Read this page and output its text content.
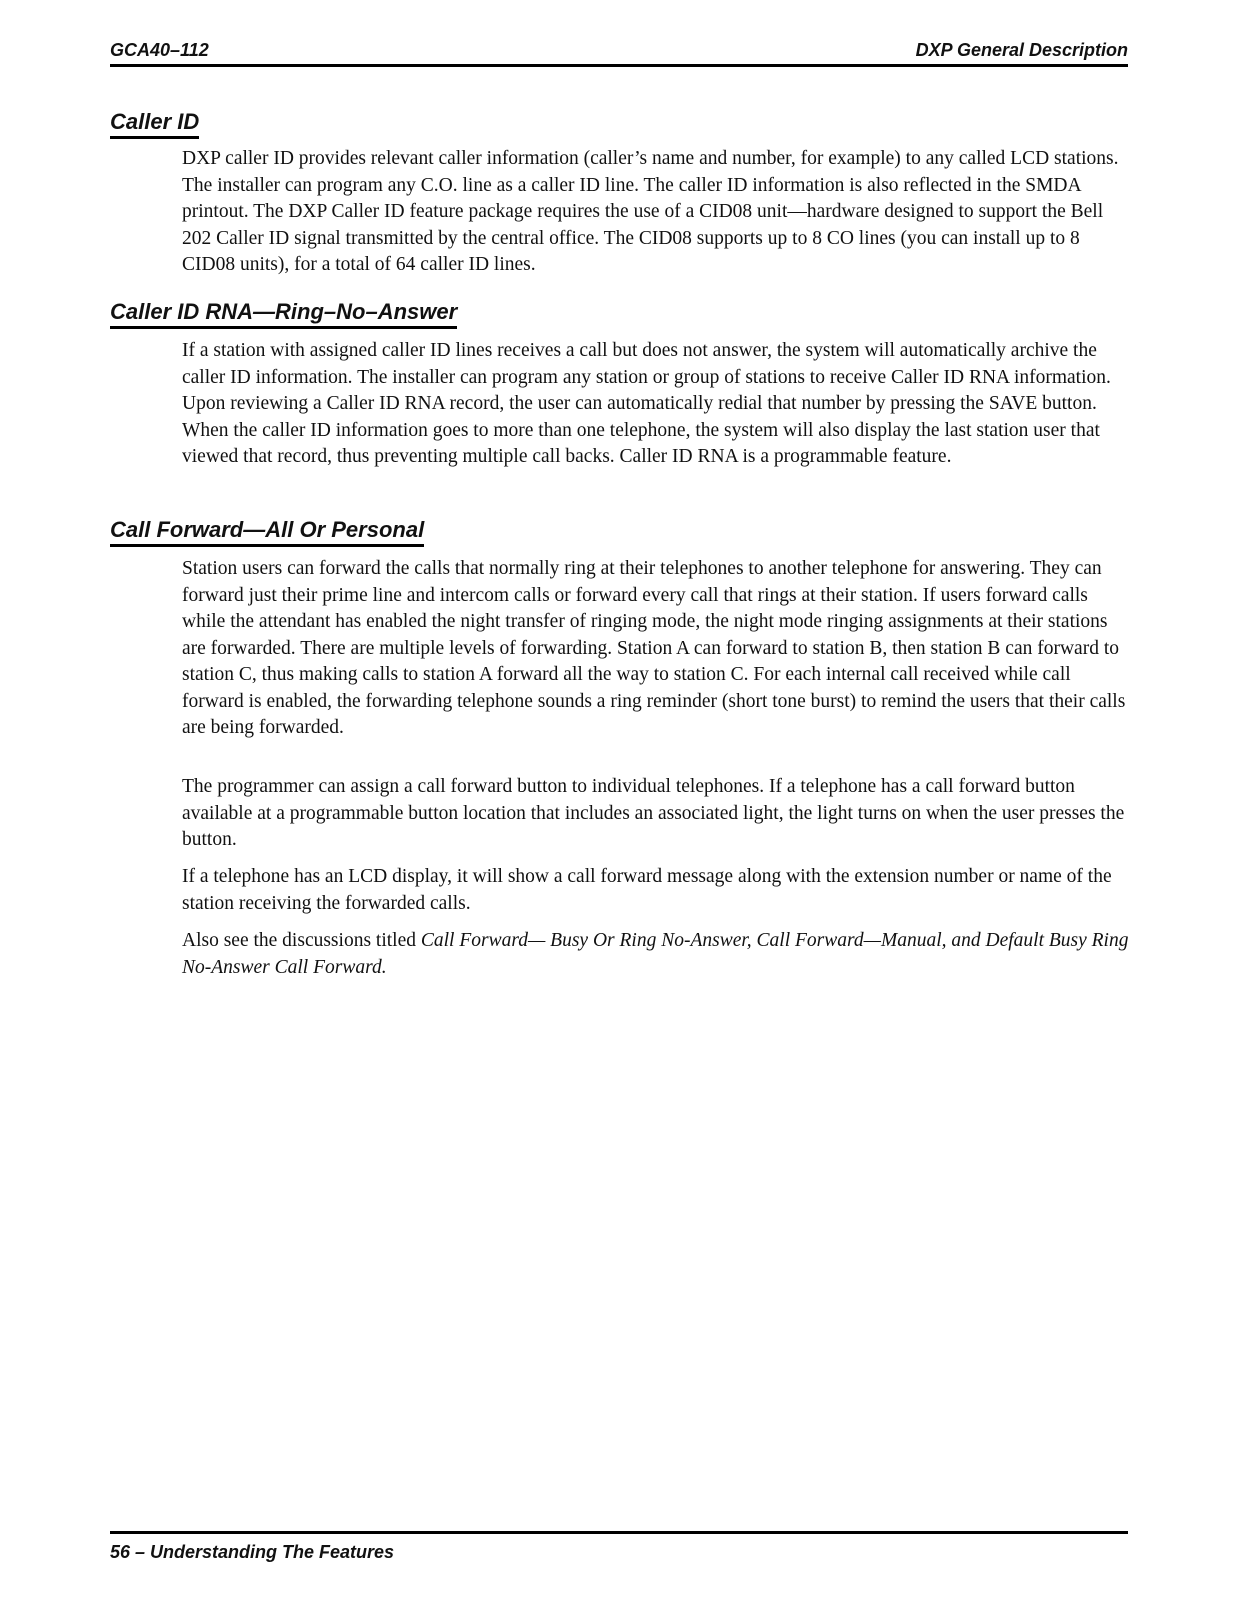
GCA40–112	DXP General Description
Caller ID

DXP caller ID provides relevant caller information (caller’s name and number, for example) to any called LCD stations. The installer can program any C.O. line as a caller ID line. The caller ID information is also reflected in the SMDA printout. The DXP Caller ID feature package requires the use of a CID08 unit—hardware designed to support the Bell 202 Caller ID signal transmitted by the central office. The CID08 supports up to 8 CO lines (you can install up to 8 CID08 units), for a total of 64 caller ID lines.

Caller ID RNA—Ring–No–Answer

If a station with assigned caller ID lines receives a call but does not answer, the system will automatically archive the caller ID information. The installer can program any station or group of stations to receive Caller ID RNA information. Upon reviewing a Caller ID RNA record, the user can automatically redial that number by pressing the SAVE button. When the caller ID information goes to more than one telephone, the system will also display the last station user that viewed that record, thus preventing multiple call backs. Caller ID RNA is a programmable feature.

Call Forward—All Or Personal

Station users can forward the calls that normally ring at their telephones to another telephone for answering. They can forward just their prime line and intercom calls or forward every call that rings at their station. If users forward calls while the attendant has enabled the night transfer of ringing mode, the night mode ringing assignments at their stations are forwarded. There are multiple levels of forwarding. Station A can forward to station B, then station B can forward to station C, thus making calls to station A forward all the way to station C. For each internal call received while call forward is enabled, the forwarding telephone sounds a ring reminder (short tone burst) to remind the users that their calls are being forwarded.

The programmer can assign a call forward button to individual telephones. If a telephone has a call forward button available at a programmable button location that includes an associated light, the light turns on when the user presses the button.

If a telephone has an LCD display, it will show a call forward message along with the extension number or name of the station receiving the forwarded calls.

Also see the discussions titled Call Forward— Busy Or Ring No-Answer, Call Forward—Manual, and Default Busy Ring No-Answer Call Forward.

56 – Understanding The Features
